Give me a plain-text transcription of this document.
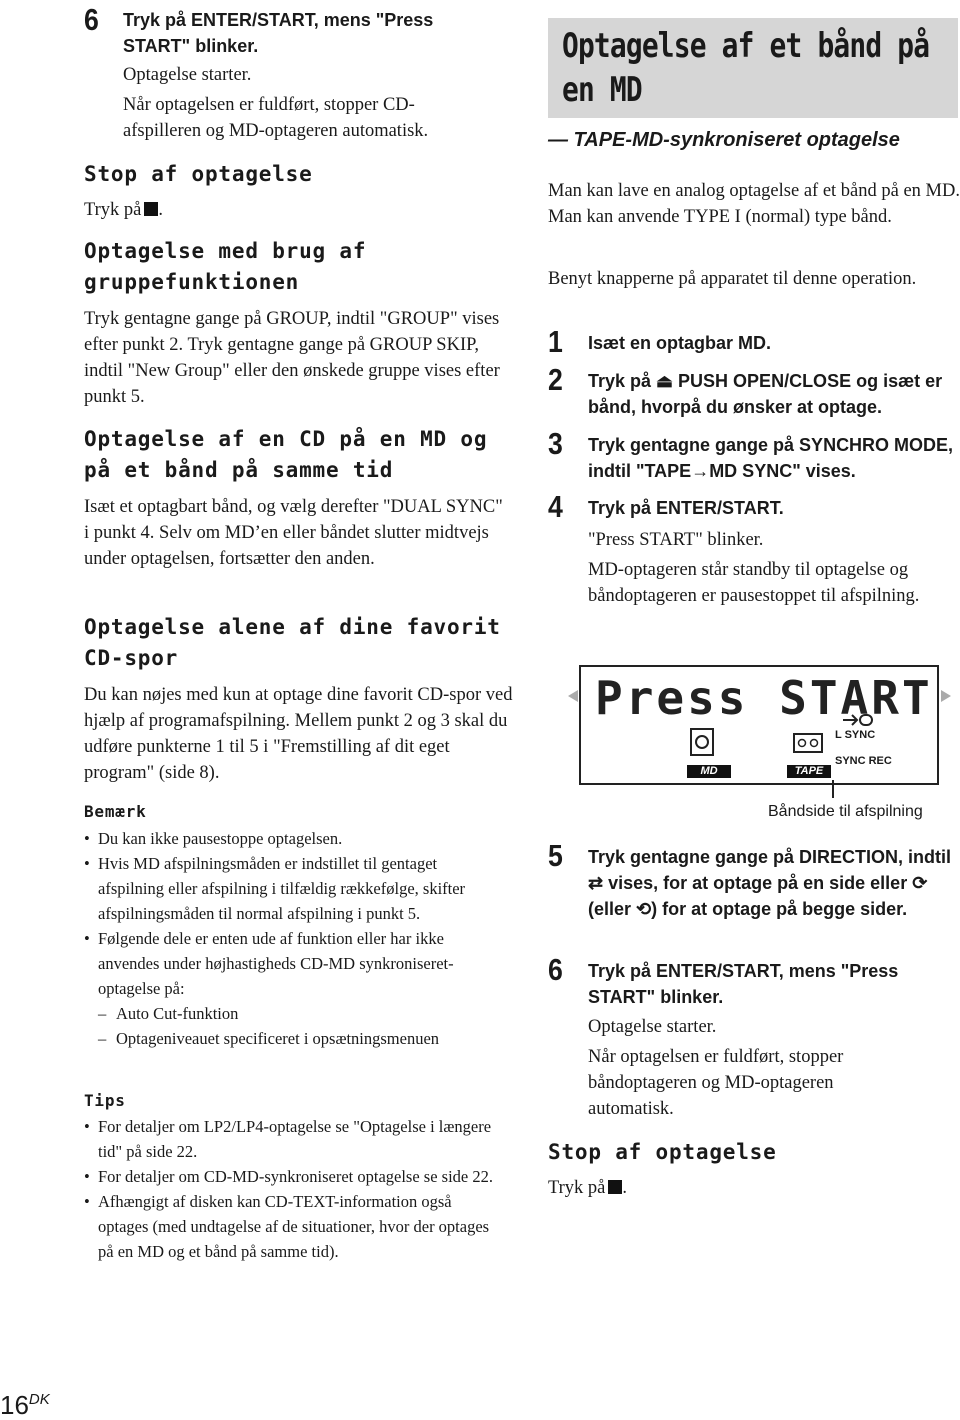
6 Tryk på ENTER/START, mens "Press START" blinker.
Optagelse starter.
Når optagelsen er fuldført, stopper CD-afspilleren og MD-optageren automatisk.
Stop af optagelse
Tryk på .
Optagelse med brug af gruppefunktionen
Tryk gentagne gange på GROUP, indtil "GROUP" vises efter punkt 2. Tryk gentagne gange på GROUP SKIP, indtil "New Group" eller den ønskede gruppe vises efter punkt 5.
Optagelse af en CD på en MD og på et bånd på samme tid
Isæt et optagbart bånd, og vælg derefter "DUAL SYNC" i punkt 4. Selv om MD’en eller båndet slutter midtvejs under optagelsen, fortsætter den anden.
Optagelse alene af dine favorit CD-spor
Du kan nøjes med kun at optage dine favorit CD-spor ved hjælp af programafspilning. Mellem punkt 2 og 3 skal du udføre punkterne 1 til 5 i "Fremstilling af dit eget program" (side 8).
Bemærk
• Du kan ikke pausestoppe optagelsen.
• Hvis MD afspilningsmåden er indstillet til gentaget afspilning eller afspilning i tilfældig rækkefølge, skifter afspilningsmåden til normal afspilning i punkt 5.
• Følgende dele er enten ude af funktion eller har ikke anvendes under højhastigheds CD-MD synkroniseret-optagelse på:
– Auto Cut-funktion
– Optageniveauet specificeret i opsætningsmenuen
Tips
• For detaljer om LP2/LP4-optagelse se "Optagelse i længere tid" på side 22.
• For detaljer om CD-MD-synkroniseret optagelse se side 22.
• Afhængigt af disken kan CD-TEXT-information også optages (med undtagelse af de situationer, hvor der optages på en MD og et bånd på samme tid).
Optagelse af et bånd på en MD
— TAPE-MD-synkroniseret optagelse
Man kan lave en analog optagelse af et bånd på en MD. Man kan anvende TYPE I (normal) type bånd.
Benyt knapperne på apparatet til denne operation.
1 Isæt en optagbar MD.
2 Tryk på ⏏ PUSH OPEN/CLOSE og isæt er bånd, hvorpå du ønsker at optage.
3 Tryk gentagne gange på SYNCHRO MODE, indtil "TAPE→MD SYNC" vises.
4 Tryk på ENTER/START.
"Press START" blinker.
MD-optageren står standby til optagelse og båndoptageren er pausestoppet til afspilning.
Press START
MD	TAPE
L SYNC
SYNC REC
Båndside til afspilning
5 Tryk gentagne gange på DIRECTION, indtil ⇄ vises, for at optage på en side eller ⟳ (eller ⟲) for at optage på begge sider.
6 Tryk på ENTER/START, mens "Press START" blinker.
Optagelse starter.
Når optagelsen er fuldført, stopper båndoptageren og MD-optageren automatisk.
Stop af optagelse
Tryk på .
$16^{DK}$
